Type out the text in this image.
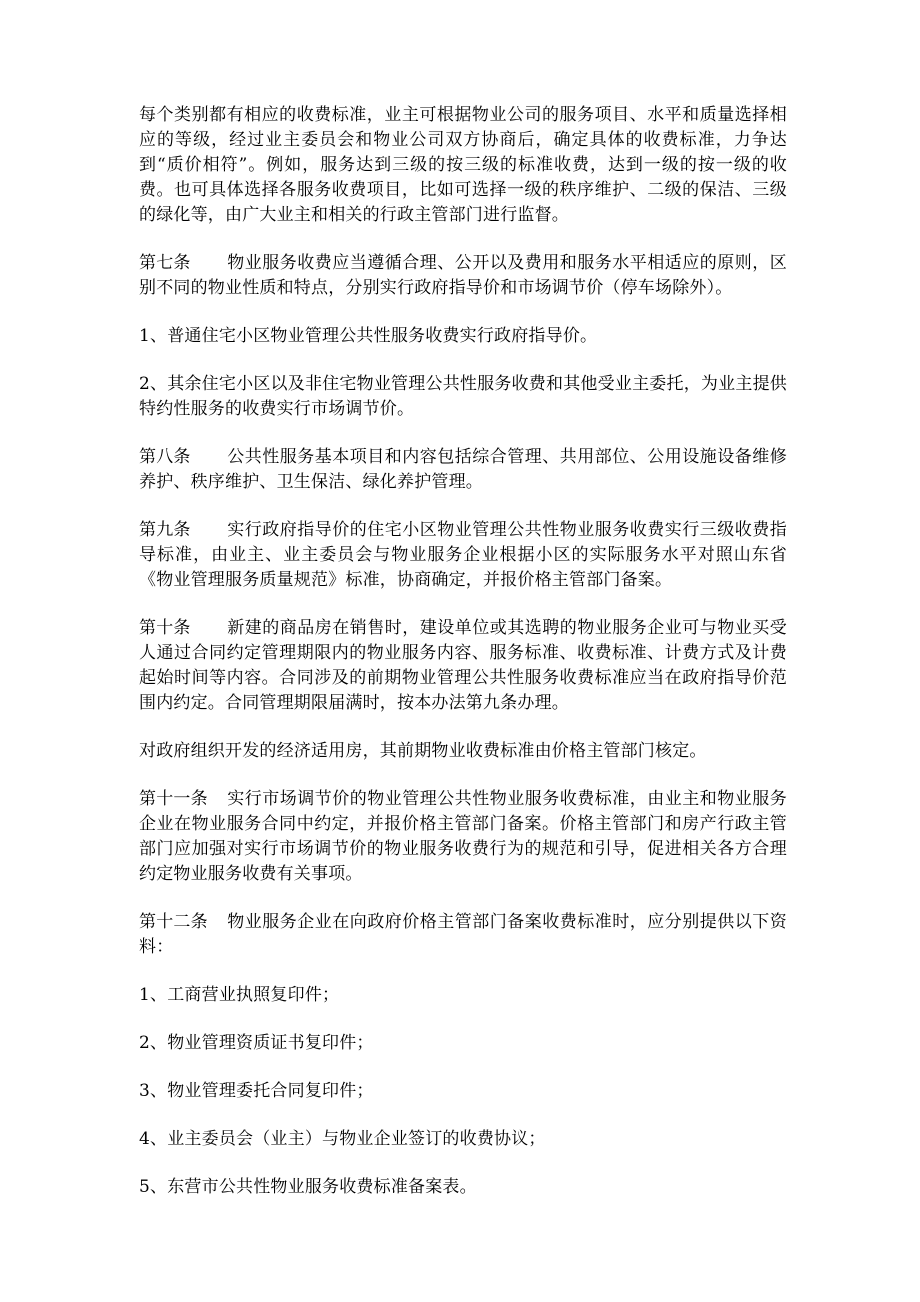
每个类别都有相应的收费标准，业主可根据物业公司的服务项目、水平和质量选择相应的等级，经过业主委员会和物业公司双方协商后，确定具体的收费标准，力争达到“质价相符”。例如，服务达到三级的按三级的标准收费，达到一级的按一级的收费。也可具体选择各服务收费项目，比如可选择一级的秩序维护、二级的保洁、三级的绿化等，由广大业主和相关的行政主管部门进行监督。

第七条 物业服务收费应当遵循合理、公开以及费用和服务水平相适应的原则，区别不同的物业性质和特点，分别实行政府指导价和市场调节价（停车场除外）。

1、普通住宅小区物业管理公共性服务收费实行政府指导价。

2、其余住宅小区以及非住宅物业管理公共性服务收费和其他受业主委托，为业主提供特约性服务的收费实行市场调节价。

第八条 公共性服务基本项目和内容包括综合管理、共用部位、公用设施设备维修养护、秩序维护、卫生保洁、绿化养护管理。

第九条 实行政府指导价的住宅小区物业管理公共性物业服务收费实行三级收费指导标准，由业主、业主委员会与物业服务企业根据小区的实际服务水平对照山东省《物业管理服务质量规范》标准，协商确定，并报价格主管部门备案。

第十条 新建的商品房在销售时，建设单位或其选聘的物业服务企业可与物业买受人通过合同约定管理期限内的物业服务内容、服务标准、收费标准、计费方式及计费起始时间等内容。合同涉及的前期物业管理公共性服务收费标准应当在政府指导价范围内约定。合同管理期限届满时，按本办法第九条办理。

对政府组织开发的经济适用房，其前期物业收费标准由价格主管部门核定。

第十一条 实行市场调节价的物业管理公共性物业服务收费标准，由业主和物业服务企业在物业服务合同中约定，并报价格主管部门备案。价格主管部门和房产行政主管部门应加强对实行市场调节价的物业服务收费行为的规范和引导，促进相关各方合理约定物业服务收费有关事项。

第十二条 物业服务企业在向政府价格主管部门备案收费标准时，应分别提供以下资料：

1、工商营业执照复印件；

2、物业管理资质证书复印件；

3、物业管理委托合同复印件；

4、业主委员会（业主）与物业企业签订的收费协议；

5、东营市公共性物业服务收费标准备案表。
